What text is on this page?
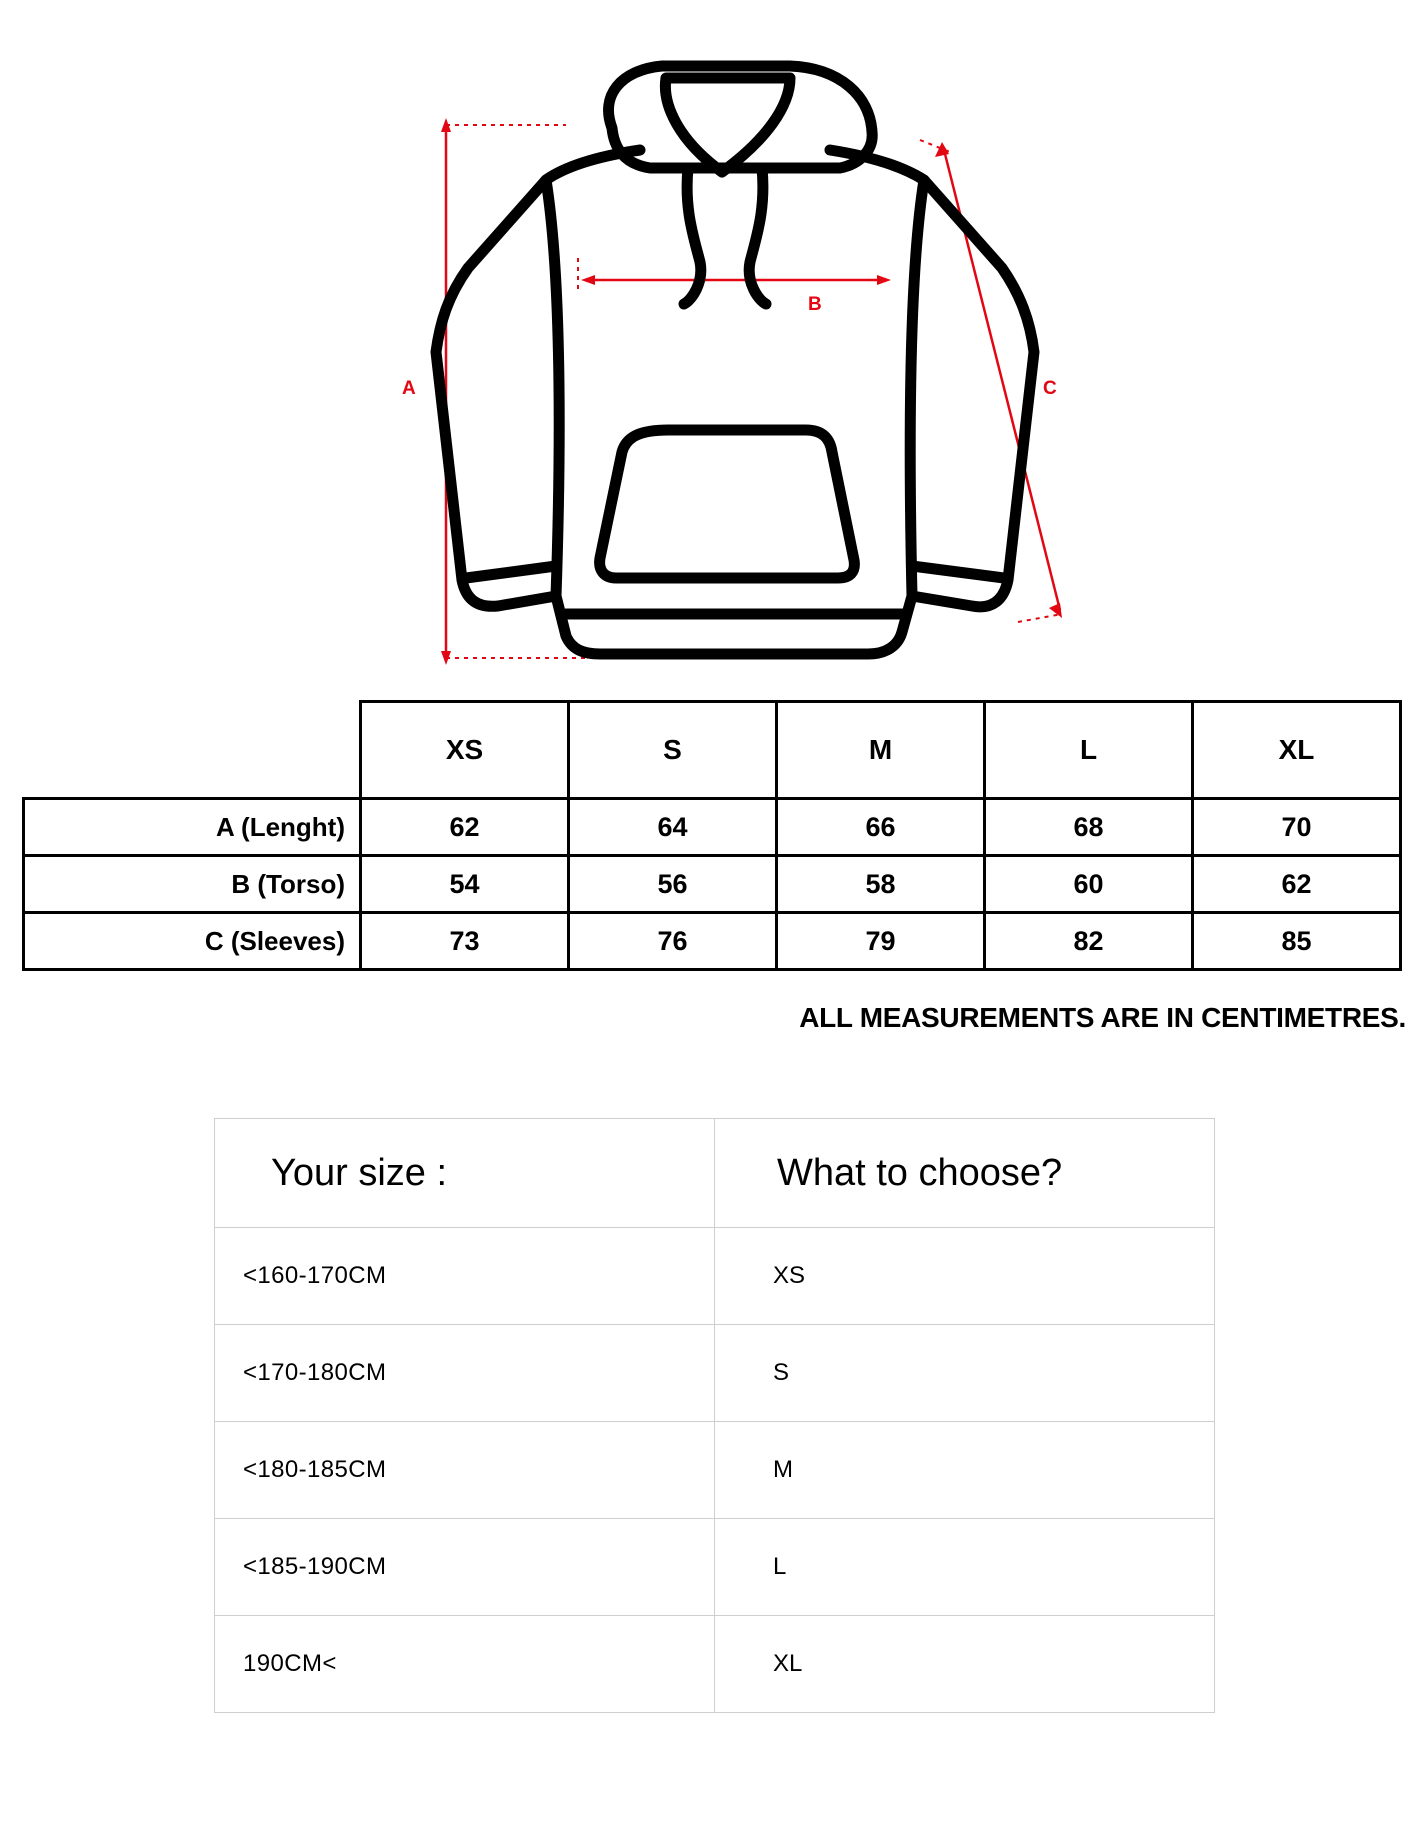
A
B
C
	XS	S	M	L	XL
A (Lenght)	62	64	66	68	70
B (Torso)	54	56	58	60	62
C (Sleeves)	73	76	79	82	85
ALL MEASUREMENTS ARE IN CENTIMETRES.
Your size :	What to choose?
<160-170CM	XS
<170-180CM	S
<180-185CM	M
<185-190CM	L
190CM<	XL
